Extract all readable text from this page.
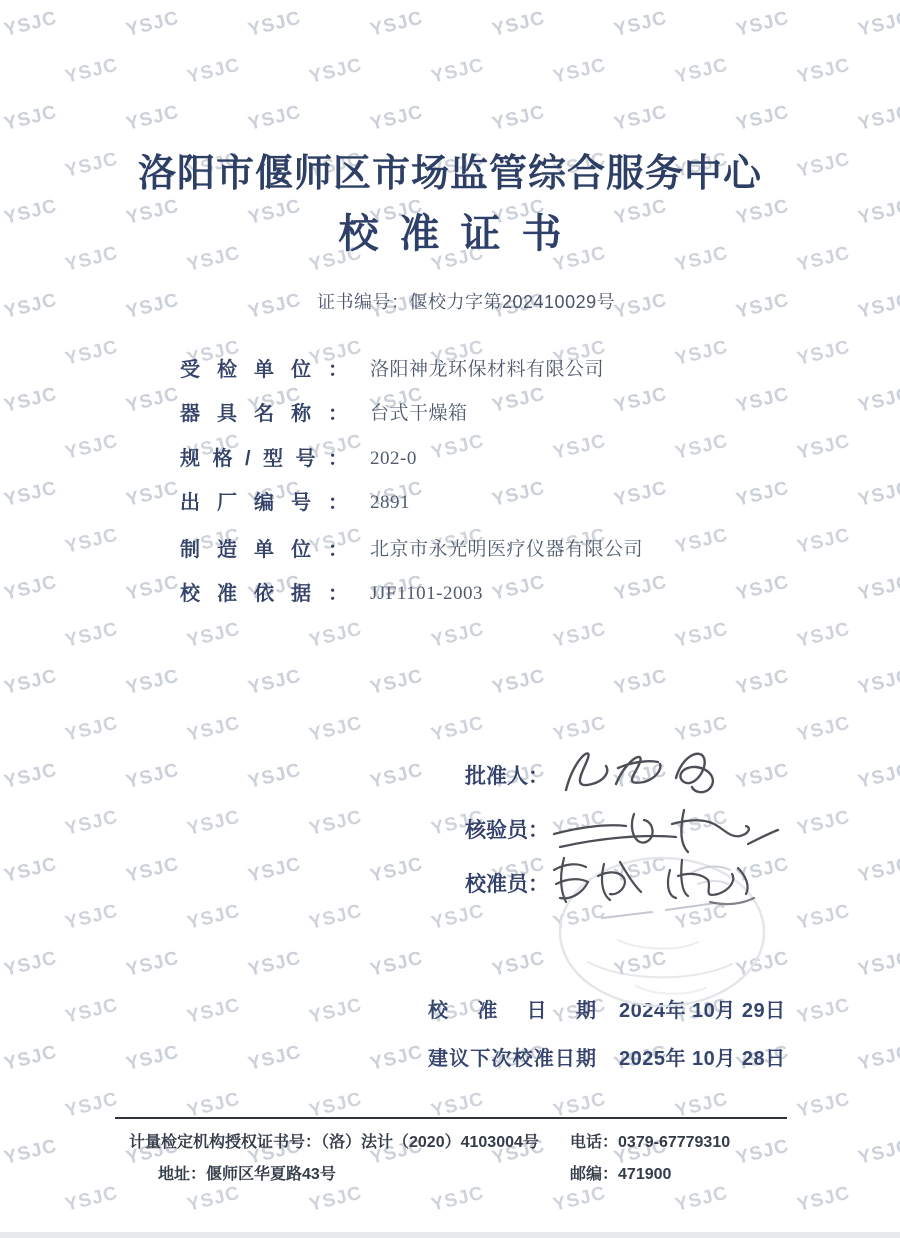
洛阳市偃师区市场监管综合服务中心
校准证书
证书编号：偃校力字第202410029号
受检单位： 洛阳神龙环保材料有限公司
器具名称： 台式干燥箱
规格/型号： 202-0
出厂编号： 2891
制造单位： 北京市永光明医疗仪器有限公司
校准依据： JJF1101-2003
批准人：
核验员：
校准员：
校准日期 2024年 10月 29日
建议下次校准日期 2025年 10月 28日
计量检定机构授权证书号：（洛）法计（2020）4103004号 电话：0379-67779310
地址：偃师区华夏路43号	邮编：471900
